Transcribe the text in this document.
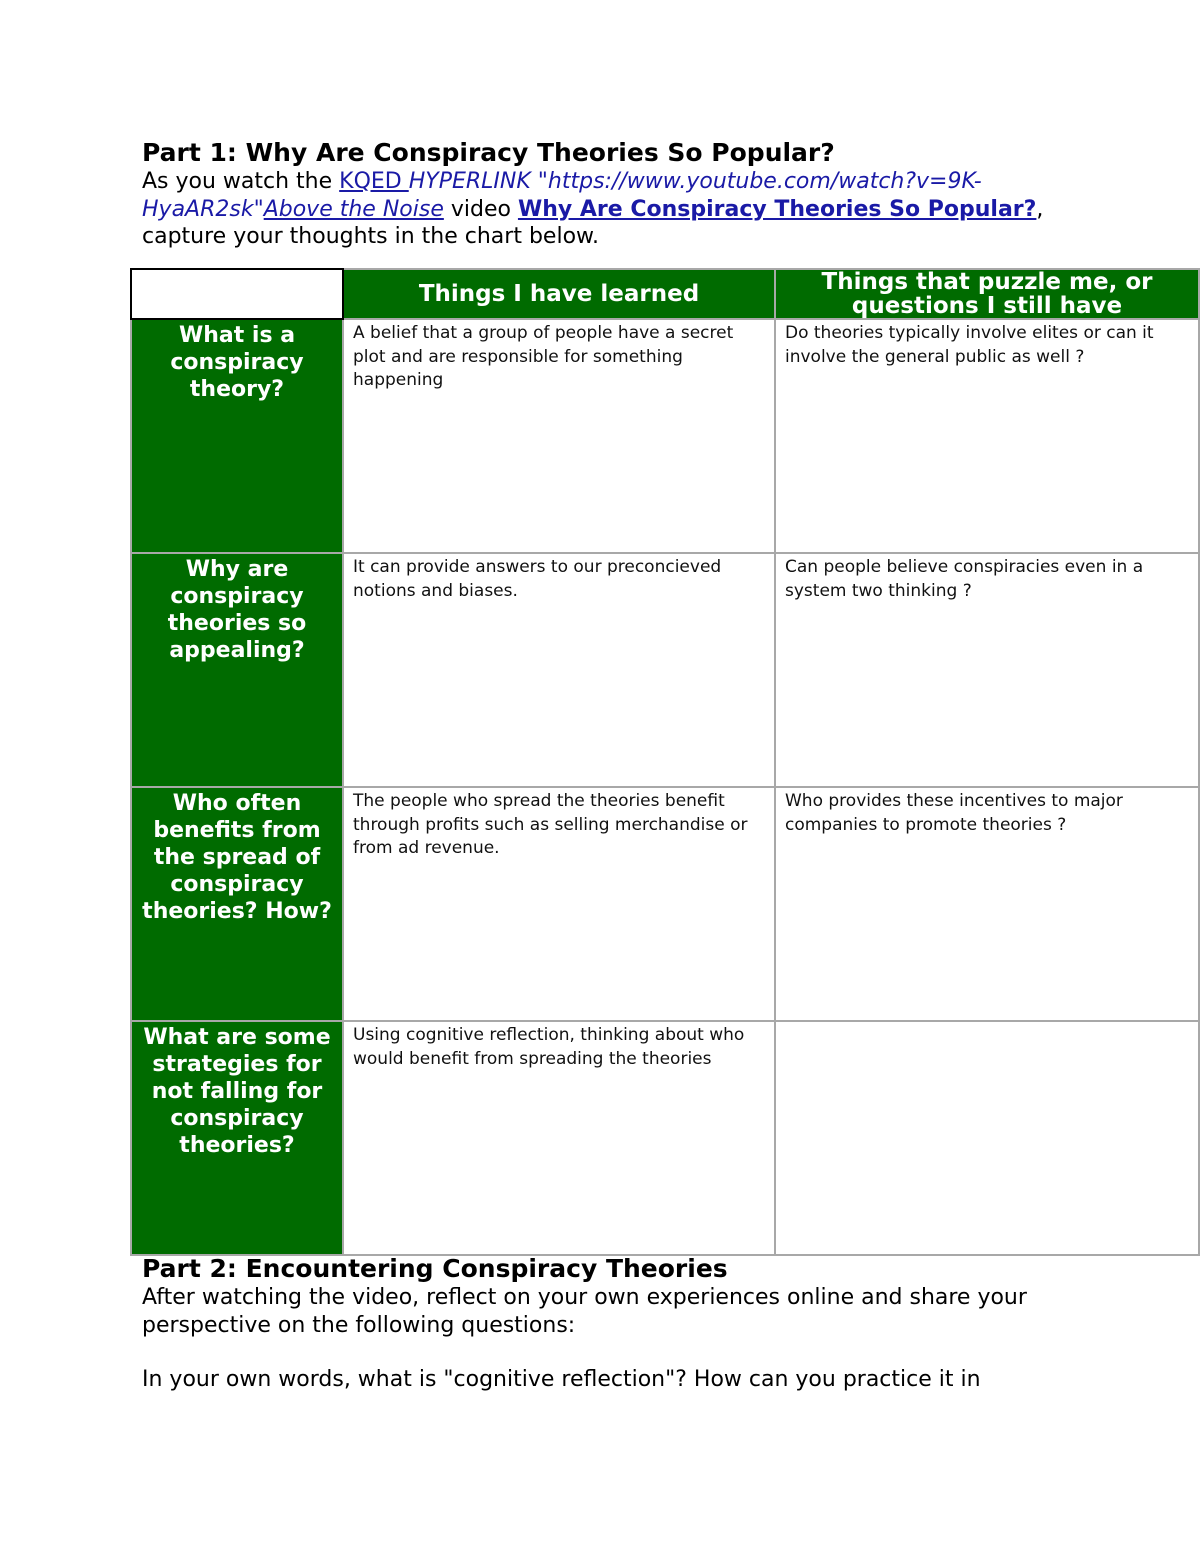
Part 1: Why Are Conspiracy Theories So Popular?
As you watch the KQED HYPERLINK "https://www.youtube.com/watch?v=9K-HyaAR2sk"Above the Noise video Why Are Conspiracy Theories So Popular?, capture your thoughts in the chart below.
	Things I have learned	Things that puzzle me, or questions I still have
What is a conspiracy theory?	A belief that a group of people have a secret plot and are responsible for something happening	Do theories typically involve elites or can it involve the general public as well ?

Why are conspiracy theories so appealing?	It can provide answers to our preconcieved notions and biases.	Can people believe conspiracies even in a system two thinking ?

Who often benefits from the spread of conspiracy theories? How?	The people who spread the theories benefit through profits such as selling merchandise or from ad revenue.	Who provides these incentives to major companies to promote theories ?

What are some strategies for not falling for conspiracy theories?	Using cognitive reflection, thinking about who would benefit from spreading the theories	

Part 2: Encountering Conspiracy Theories
After watching the video, reflect on your own experiences online and share your perspective on the following questions:
In your own words, what is "cognitive reflection"? How can you practice it in
